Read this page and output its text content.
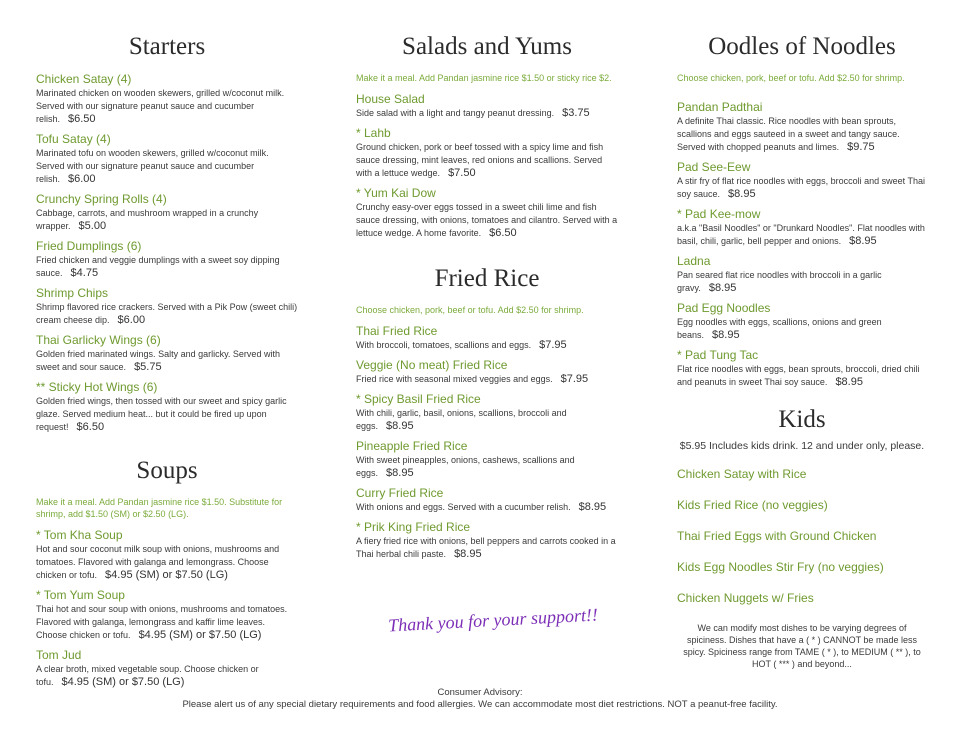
Starters
Chicken Satay (4)
Marinated chicken on wooden skewers, grilled w/coconut milk. Served with our signature peanut sauce and cucumber relish. $6.50
Tofu Satay (4)
Marinated tofu on wooden skewers, grilled w/coconut milk. Served with our signature peanut sauce and cucumber relish. $6.00
Crunchy Spring Rolls (4)
Cabbage, carrots, and mushroom wrapped in a crunchy wrapper. $5.00
Fried Dumplings (6)
Fried chicken and veggie dumplings with a sweet soy dipping sauce. $4.75
Shrimp Chips
Shrimp flavored rice crackers. Served with a Pik Pow (sweet chili) cream cheese dip. $6.00
Thai Garlicky Wings (6)
Golden fried marinated wings. Salty and garlicky. Served with sweet and sour sauce. $5.75
** Sticky Hot Wings (6)
Golden fried wings, then tossed with our sweet and spicy garlic glaze. Served medium heat... but it could be fired up upon request! $6.50
Soups
Make it a meal. Add Pandan jasmine rice $1.50. Substitute for shrimp, add $1.50 (SM) or $2.50 (LG).
* Tom Kha Soup
Hot and sour coconut milk soup with onions, mushrooms and tomatoes. Flavored with galanga and lemongrass. Choose chicken or tofu. $4.95 (SM) or $7.50 (LG)
* Tom Yum Soup
Thai hot and sour soup with onions, mushrooms and tomatoes. Flavored with galanga, lemongrass and kaffir lime leaves. Choose chicken or tofu. $4.95 (SM) or $7.50 (LG)
Tom Jud
A clear broth, mixed vegetable soup. Choose chicken or tofu. $4.95 (SM) or $7.50 (LG)
Salads and Yums
Make it a meal. Add Pandan jasmine rice $1.50 or sticky rice $2.
House Salad
Side salad with a light and tangy peanut dressing. $3.75
* Lahb
Ground chicken, pork or beef tossed with a spicy lime and fish sauce dressing, mint leaves, red onions and scallions. Served with a lettuce wedge. $7.50
* Yum Kai Dow
Crunchy easy-over eggs tossed in a sweet chili lime and fish sauce dressing, with onions, tomatoes and cilantro. Served with a lettuce wedge. A home favorite. $6.50
Fried Rice
Choose chicken, pork, beef or tofu. Add $2.50 for shrimp.
Thai Fried Rice
With broccoli, tomatoes, scallions and eggs. $7.95
Veggie (No meat) Fried Rice
Fried rice with seasonal mixed veggies and eggs. $7.95
* Spicy Basil Fried Rice
With chili, garlic, basil, onions, scallions, broccoli and eggs. $8.95
Pineapple Fried Rice
With sweet pineapples, onions, cashews, scallions and eggs. $8.95
Curry Fried Rice
With onions and eggs. Served with a cucumber relish. $8.95
* Prik King Fried Rice
A fiery fried rice with onions, bell peppers and carrots cooked in a Thai herbal chili paste. $8.95
Oodles of Noodles
Choose chicken, pork, beef or tofu. Add $2.50 for shrimp.
Pandan Padthai
A definite Thai classic. Rice noodles with bean sprouts, scallions and eggs sauteed in a sweet and tangy sauce. Served with chopped peanuts and limes. $9.75
Pad See-Eew
A stir fry of flat rice noodles with eggs, broccoli and sweet Thai soy sauce. $8.95
* Pad Kee-mow
a.k.a "Basil Noodles" or "Drunkard Noodles". Flat noodles with basil, chili, garlic, bell pepper and onions. $8.95
Ladna
Pan seared flat rice noodles with broccoli in a garlic gravy. $8.95
Pad Egg Noodles
Egg noodles with eggs, scallions, onions and green beans. $8.95
* Pad Tung Tac
Flat rice noodles with eggs, bean sprouts, broccoli, dried chili and peanuts in sweet Thai soy sauce. $8.95
Kids
$5.95 Includes kids drink. 12 and under only, please.
Chicken Satay with Rice
Kids Fried Rice (no veggies)
Thai Fried Eggs with Ground Chicken
Kids Egg Noodles Stir Fry (no veggies)
Chicken Nuggets w/ Fries
We can modify most dishes to be varying degrees of spiciness. Dishes that have a ( * ) CANNOT be made less spicy. Spiciness range from TAME ( * ), to MEDIUM ( ** ), to HOT ( *** ) and beyond...
Thank you for your support!!
Consumer Advisory:
Please alert us of any special dietary requirements and food allergies. We can accommodate most diet restrictions. NOT a peanut-free facility.
